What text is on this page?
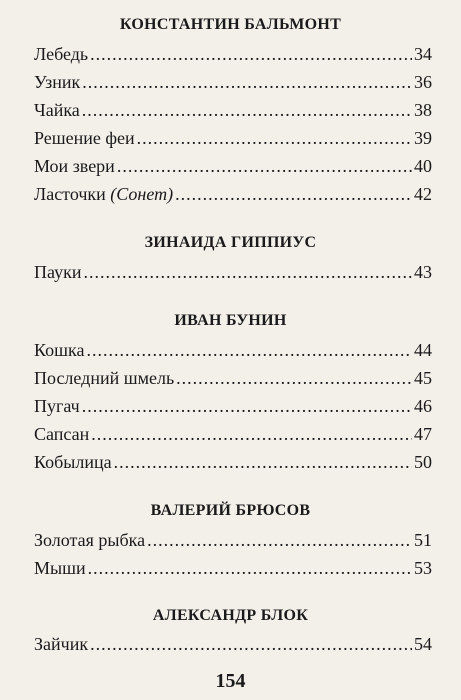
КОНСТАНТИН БАЛЬМОНТ
Лебедь .....	34
Узник .....	36
Чайка .....	38
Решение феи .....	39
Мои звери .....	40
Ласточки (Сонет) .....	42
ЗИНАИДА ГИППИУС
Пауки .....	43
ИВАН БУНИН
Кошка .....	44
Последний шмель .....	45
Пугач .....	46
Сапсан .....	47
Кобылица .....	50
ВАЛЕРИЙ БРЮСОВ
Золотая рыбка .....	51
Мыши .....	53
АЛЕКСАНДР БЛОК
Зайчик .....	54
154
